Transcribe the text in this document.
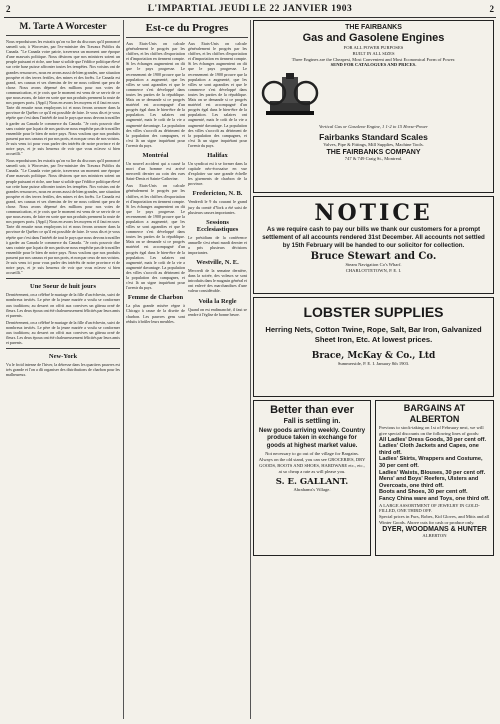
2	L'IMPARTIAL JEUDI LE 22 JANVIER 1903	2
M. Tarte A Worcester

Nous reproduisons les extraits qu'on va lire du discours qu'il prononcé samedi soir, à Worcester, par l'ex-ministre des Travaux Publics du Canada. "Le Canada votre patrie, traversera un moment une époque d'une mauvais politique. Nous désirons que nos ministres soient un peuple puissant et riche, une base si solide que l'édifice politique élevé sur cette base puisse affronter toutes les tempêtes. Nos voisins ont de grandes ressources, nous en avons aussi de bien grandes, une situation prospère et des terres fertiles, des mines et des forêts. Le Canada est grand, ses canaux et ses chemins de fer ne nous coûtent que peu de chose. Nous avons dépensé des millions pour nos voies de communication, et je crois que le moment est venu de se servir de ce que nous avons, de faire en sorte que nos produits prennent la route de nos propres ports. (Appl.) Nous en avons les moyens et il faut en user. Tarte dit ensuite nous employons ici et nous ferons avancer dans la province de Québec ce qu'il est possible de faire. Je vous dis et je vous répète que c'est dans l'intérêt de tout le pays que nous devons travailler à garder au Canada le commerce du Canada. "Je crois pouvoir dire sans crainte que la paix de nos partis ne nous empêche pas de travailler ensemble pour le bien de notre pays. Nous voulons que nos produits passent par nos canaux et par nos ports, et non par ceux de nos voisins. Je suis venu ici pour vous parler des intérêts de notre province et de notre pays, et je suis heureux de voir que vous m'avez si bien accueilli."

Nous reproduisons les extraits qu'on va lire du discours qu'il prononcé samedi soir, à Worcester, par l'ex-ministre des Travaux Publics du Canada. "Le Canada votre patrie, traversera un moment une époque d'une mauvais politique. Nous désirons que nos ministres soient un peuple puissant et riche, une base si solide que l'édifice politique élevé sur cette base puisse affronter toutes les tempêtes. Nos voisins ont de grandes ressources, nous en avons aussi de bien grandes, une situation prospère et des terres fertiles, des mines et des forêts. Le Canada est grand, ses canaux et ses chemins de fer ne nous coûtent que peu de chose. Nous avons dépensé des millions pour nos voies de communication, et je crois que le moment est venu de se servir de ce que nous avons, de faire en sorte que nos produits prennent la route de nos propres ports. (Appl.) Nous en avons les moyens et il faut en user. Tarte dit ensuite nous employons ici et nous ferons avancer dans la province de Québec ce qu'il est possible de faire. Je vous dis et je vous répète que c'est dans l'intérêt de tout le pays que nous devons travailler à garder au Canada le commerce du Canada. "Je crois pouvoir dire sans crainte que la paix de nos partis ne nous empêche pas de travailler ensemble pour le bien de notre pays. Nous voulons que nos produits passent par nos canaux et par nos ports, et non par ceux de nos voisins. Je suis venu ici pour vous parler des intérêts de notre province et de notre pays, et je suis heureux de voir que vous m'avez si bien accueilli."

Une Soeur de huit jours

Dernièrement, on a célébré le mariage de la fille d'un échevin, suivi de nombreux invités. Le père de la jeune mariée a voulu se conformer aux traditions; au dessert on offrit aux convives un gâteau orné de fleurs. Les deux époux ont été chaleureusement félicités par leurs amis et parents.

Dernièrement, on a célébré le mariage de la fille d'un échevin, suivi de nombreux invités. Le père de la jeune mariée a voulu se conformer aux traditions; au dessert on offrit aux convives un gâteau orné de fleurs. Les deux époux ont été chaleureusement félicités par leurs amis et parents.

New-York

Vu le froid intense de l'hiver, la détresse dans les quartiers pauvres est très grande et l'on a dû organiser des distributions de charbon pour les malheureux.

Est-ce du Progres

Aux Etats-Unis on calcule généralement le progrès par les chiffres, et les chiffres d'exportation et d'importation en tiennent compte. Si les échanges augmentent on dit que le pays progresse. Le recensement de 1900 prouve que la population a augmenté, que les villes se sont agrandies et que le commerce s'est développé dans toutes les parties de la république. Mais on se demande si ce progrès matériel est accompagné d'un progrès égal dans le bien-être de la population. Les salaires ont augmenté, mais le coût de la vie a augmenté davantage. La population des villes s'accroît au détriment de la population des campagnes, et c'est là un signe inquiétant pour l'avenir du pays.

Montréal

Un nouvel accident qui a causé la mort d'un homme est arrivé mercredi dernier au coin des rues Saint-Denis et Sainte-Catherine.

Aux Etats-Unis on calcule généralement le progrès par les chiffres, et les chiffres d'exportation et d'importation en tiennent compte. Si les échanges augmentent on dit que le pays progresse. Le recensement de 1900 prouve que la population a augmenté, que les villes se sont agrandies et que le commerce s'est développé dans toutes les parties de la république. Mais on se demande si ce progrès matériel est accompagné d'un progrès égal dans le bien-être de la population. Les salaires ont augmenté, mais le coût de la vie a augmenté davantage. La population des villes s'accroît au détriment de la population des campagnes, et c'est là un signe inquiétant pour l'avenir du pays.

Femme de Charbon

La plus grande misère règne à Chicago à cause de la disette de charbon. Les pauvres gens sont réduits à brûler leurs meubles.

Aux Etats-Unis on calcule généralement le progrès par les chiffres, et les chiffres d'exportation et d'importation en tiennent compte. Si les échanges augmentent on dit que le pays progresse. Le recensement de 1900 prouve que la population a augmenté, que les villes se sont agrandies et que le commerce s'est développé dans toutes les parties de la république. Mais on se demande si ce progrès matériel est accompagné d'un progrès égal dans le bien-être de la population. Les salaires ont augmenté, mais le coût de la vie a augmenté davantage. La population des villes s'accroît au détriment de la population des campagnes, et c'est là un signe inquiétant pour l'avenir du pays.

Halifax

Un syndicat est à se former dans la capitale néo-écossaise en vue d'exploiter sur une grande échelle les gisements de charbon de la province.

Fredericton, N. B.

Vendredi le 9 du courant le grand jury du comté d'York a été saisi de plusieurs causes importantes.

Sessions Ecclesiastiques

Le présidium de la conférence annuelle s'est réuni mardi dernier et a pris plusieurs décisions importantes.

Westville, N. E.

Mercredi de la semaine dernière, dans la soirée, des voleurs se sont introduits dans le magasin général et ont enlevé des marchandises d'une valeur considérable.

Voila la Regle

Quand on est endimanché, il faut se rendre à l'église de bonne heure.

THE FAIRBANKS
Gas and Gasolene Engines
FOR ALL POWER PURPOSES
BUILT IN ALL SIZES
Three Engines are the Cheapest, Most Convenient and Most Economical Form of Power.
SEND FOR CATALOGUES AND PRICES.
Vertical Gas or Gasolene Engine, 1 1-2 to 15 Horse-Power
Fairbanks Standard Scales
Valves, Pipe & Fittings, Mill Supplies, Machine Tools.
THE FAIRBANKS COMPANY
747 & 749 Craig St., Montreal.
NOTICE
As we require cash to pay our bills we thank our customers for a prompt settlement of all accounts rendered 31st December. All accounts not settled by 15th February will be handed to our solicitor for collection.
Bruce Stewart and Co.
Steam Navigation Co's Wharf.
CHARLOTTETOWN, P. E. I.
LOBSTER SUPPLIES
Herring Nets, Cotton Twine, Rope, Salt, Bar Iron, Galvanized Sheet Iron, Etc. At lowest prices.
Brace, McKay & Co., Ltd
Summerside, P. E. I. January 8th 1903.
Better than ever
Fall is settling in.
New goods arriving weekly. Country produce taken in exchange for goods at highest market value.
Not necessary to go out of the village for Bargains.
Always on the old stand, you can see GROCERIES, DRY GOODS, BOOTS AND SHOES, HARDWARE etc., etc., at so cheap a rate as will please you.
S. E. GALLANT.
Abrahams's Village.
BARGAINS AT ALBERTON
Previous to stock-taking on 1st of February next, we will give special discounts on the following lines of goods:
All Ladies' Dress Goods, 30 per cent off.
Ladies' Cloth Jackets and Capes, one third off.
Ladies' Skirts, Wrappers and Costume, 30 per cent off.
Ladies' Waists, Blouses, 30 per cent off.
Mens' and Boys' Reefers, Ulsters and Overcoats, one third off.
Boots and Shoes, 30 per cent off.
Fancy China ware and Toys, one third off.
A LARGE ASSORTMENT OF JEWELRY IN GOLD-FILLED, ONE THIRD OFF.
Special prices in Furs, Robes, Kid Gloves, and Mitts and all Winter Goods. Above cuts for cash or produce only.
DYER, WOODMANS & HUNTER
ALBERTON
